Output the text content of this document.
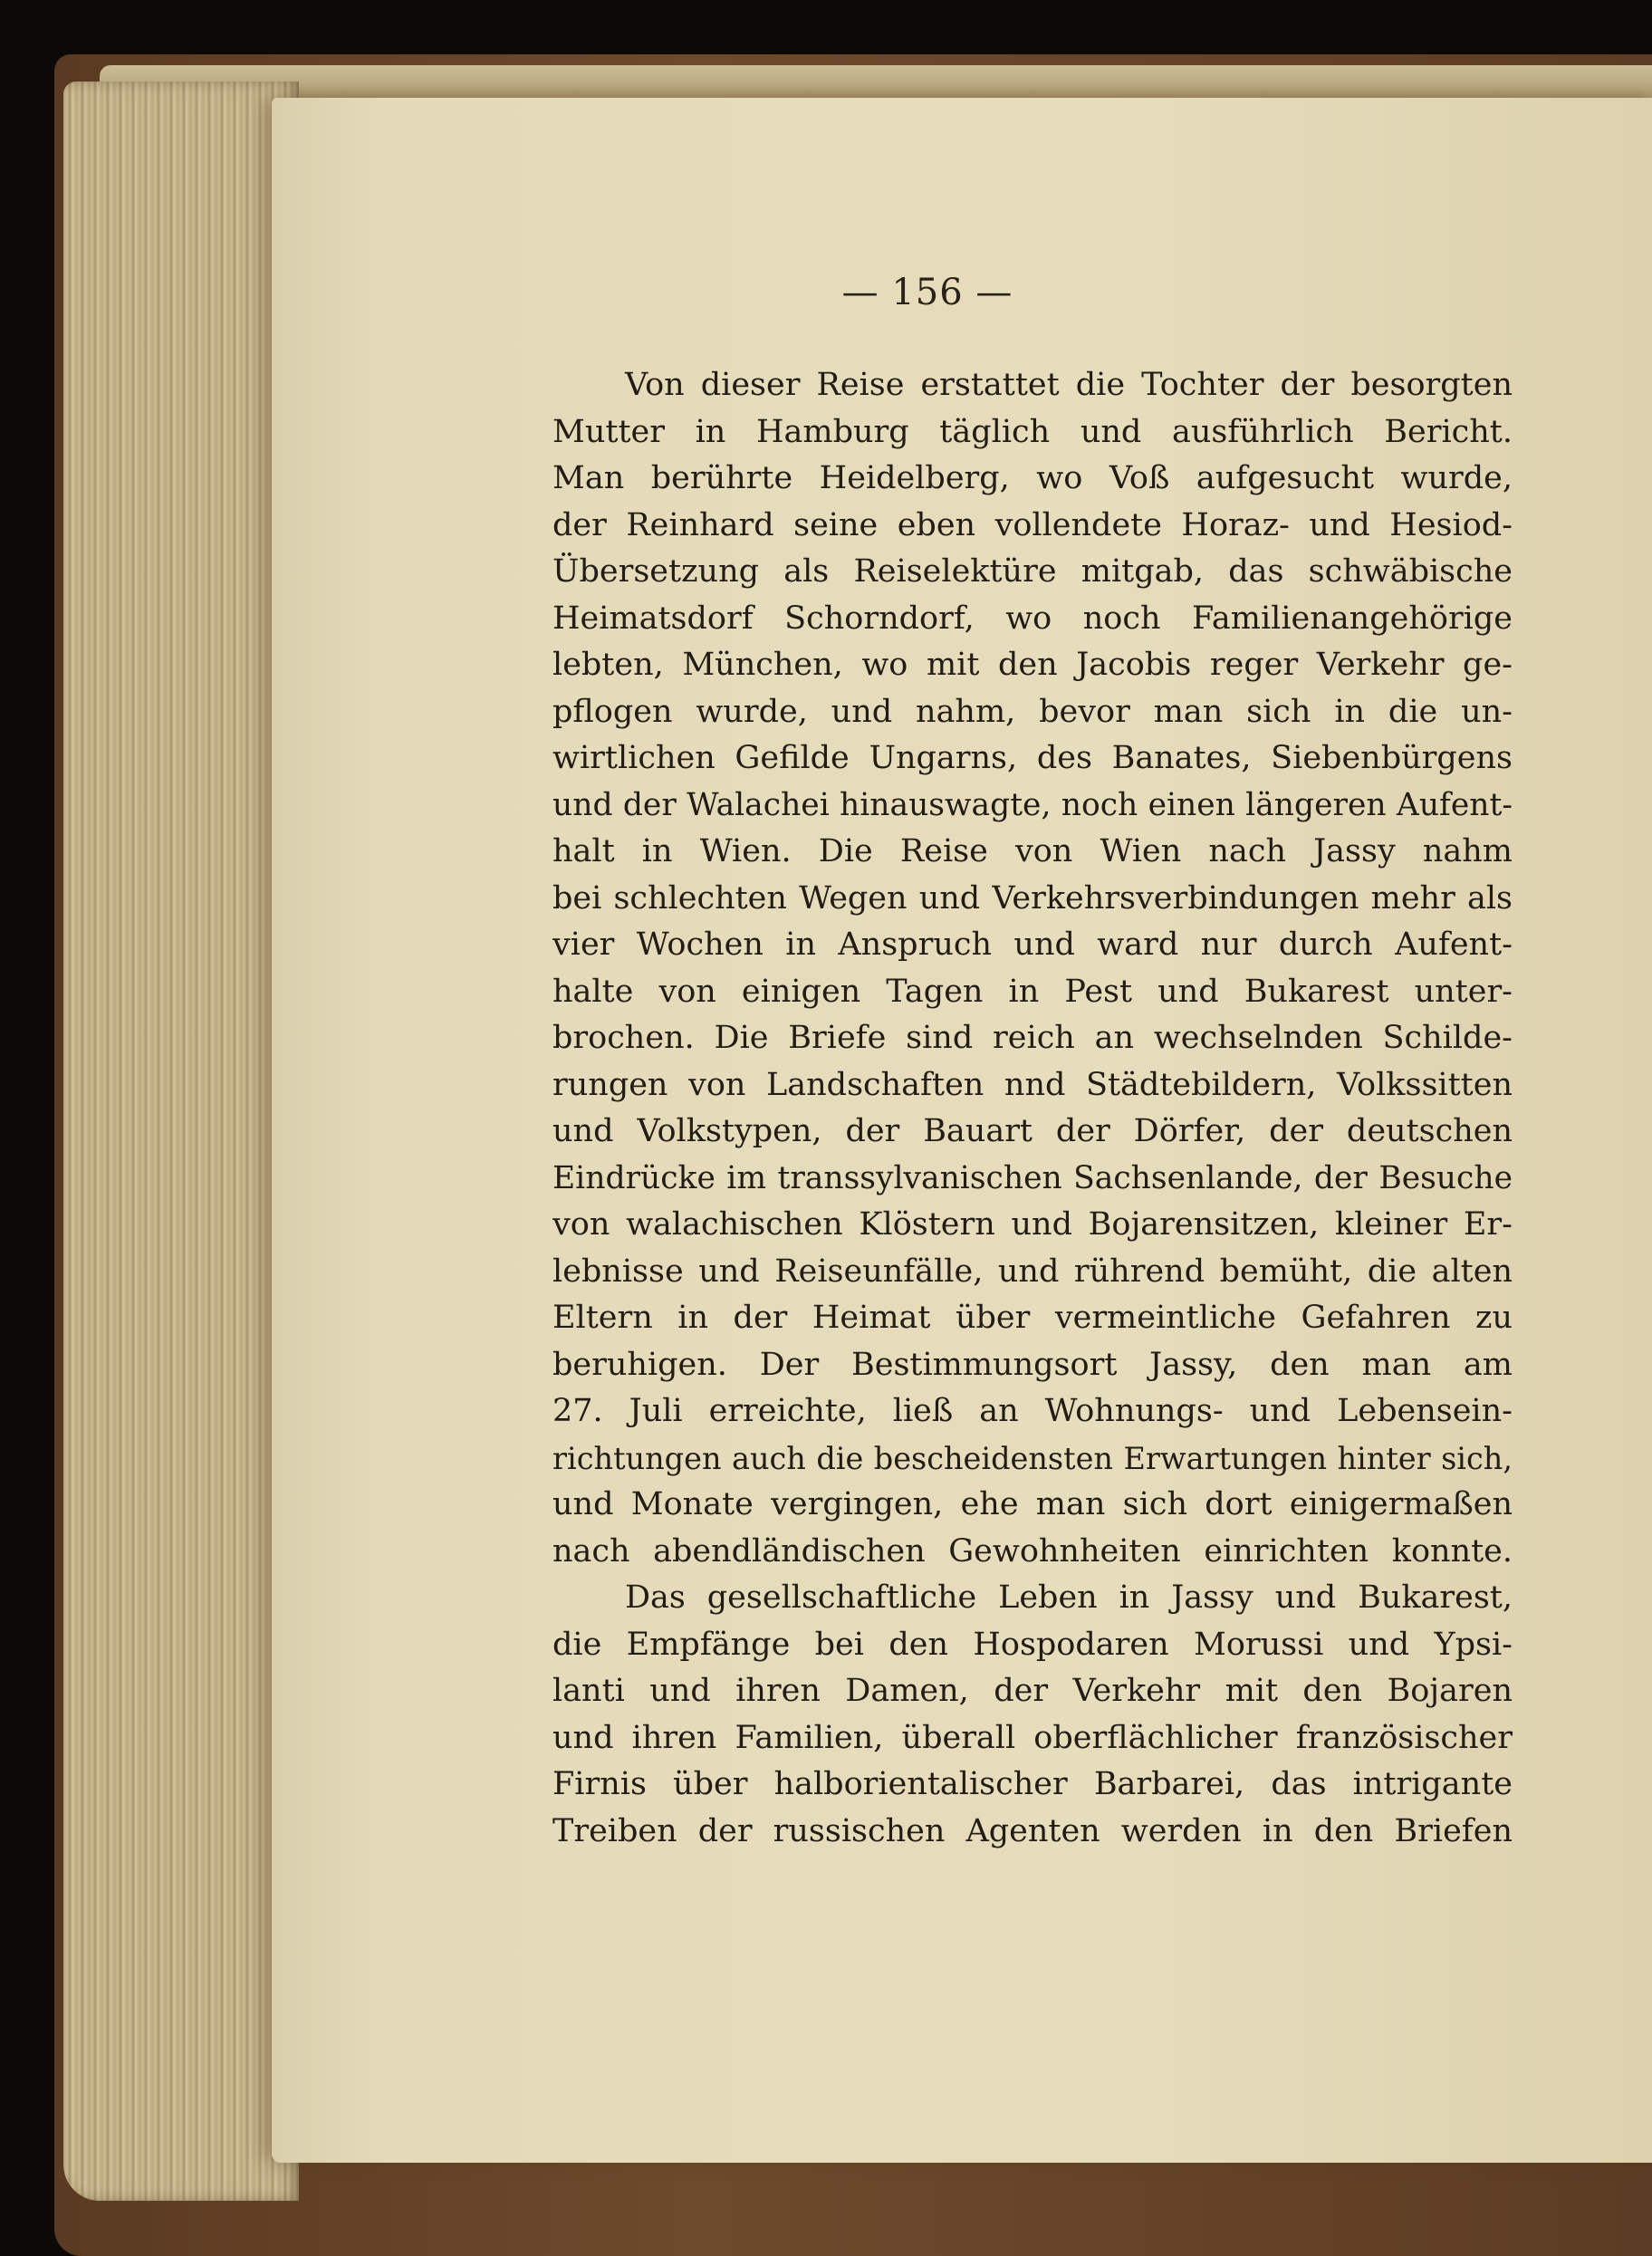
— 156 —
Von dieser Reise erstattet die Tochter der besorgten
Mutter in Hamburg täglich und ausführlich Bericht.
Man berührte Heidelberg, wo Voß aufgesucht wurde,
der Reinhard seine eben vollendete Horaz- und Hesiod-
Übersetzung als Reiselektüre mitgab, das schwäbische
Heimatsdorf Schorndorf, wo noch Familienangehörige
lebten, München, wo mit den Jacobis reger Verkehr ge-
pflogen wurde, und nahm, bevor man sich in die un-
wirtlichen Gefilde Ungarns, des Banates, Siebenbürgens
und der Walachei hinauswagte, noch einen längeren Aufent-
halt in Wien. Die Reise von Wien nach Jassy nahm
bei schlechten Wegen und Verkehrsverbindungen mehr als
vier Wochen in Anspruch und ward nur durch Aufent-
halte von einigen Tagen in Pest und Bukarest unter-
brochen. Die Briefe sind reich an wechselnden Schilde-
rungen von Landschaften nnd Städtebildern, Volkssitten
und Volkstypen, der Bauart der Dörfer, der deutschen
Eindrücke im transsylvanischen Sachsenlande, der Besuche
von walachischen Klöstern und Bojarensitzen, kleiner Er-
lebnisse und Reiseunfälle, und rührend bemüht, die alten
Eltern in der Heimat über vermeintliche Gefahren zu
beruhigen. Der Bestimmungsort Jassy, den man am
27. Juli erreichte, ließ an Wohnungs- und Lebensein-
richtungen auch die bescheidensten Erwartungen hinter sich,
und Monate vergingen, ehe man sich dort einigermaßen
nach abendländischen Gewohnheiten einrichten konnte.
Das gesellschaftliche Leben in Jassy und Bukarest,
die Empfänge bei den Hospodaren Morussi und Ypsi-
lanti und ihren Damen, der Verkehr mit den Bojaren
und ihren Familien, überall oberflächlicher französischer
Firnis über halborientalischer Barbarei, das intrigante
Treiben der russischen Agenten werden in den Briefen
